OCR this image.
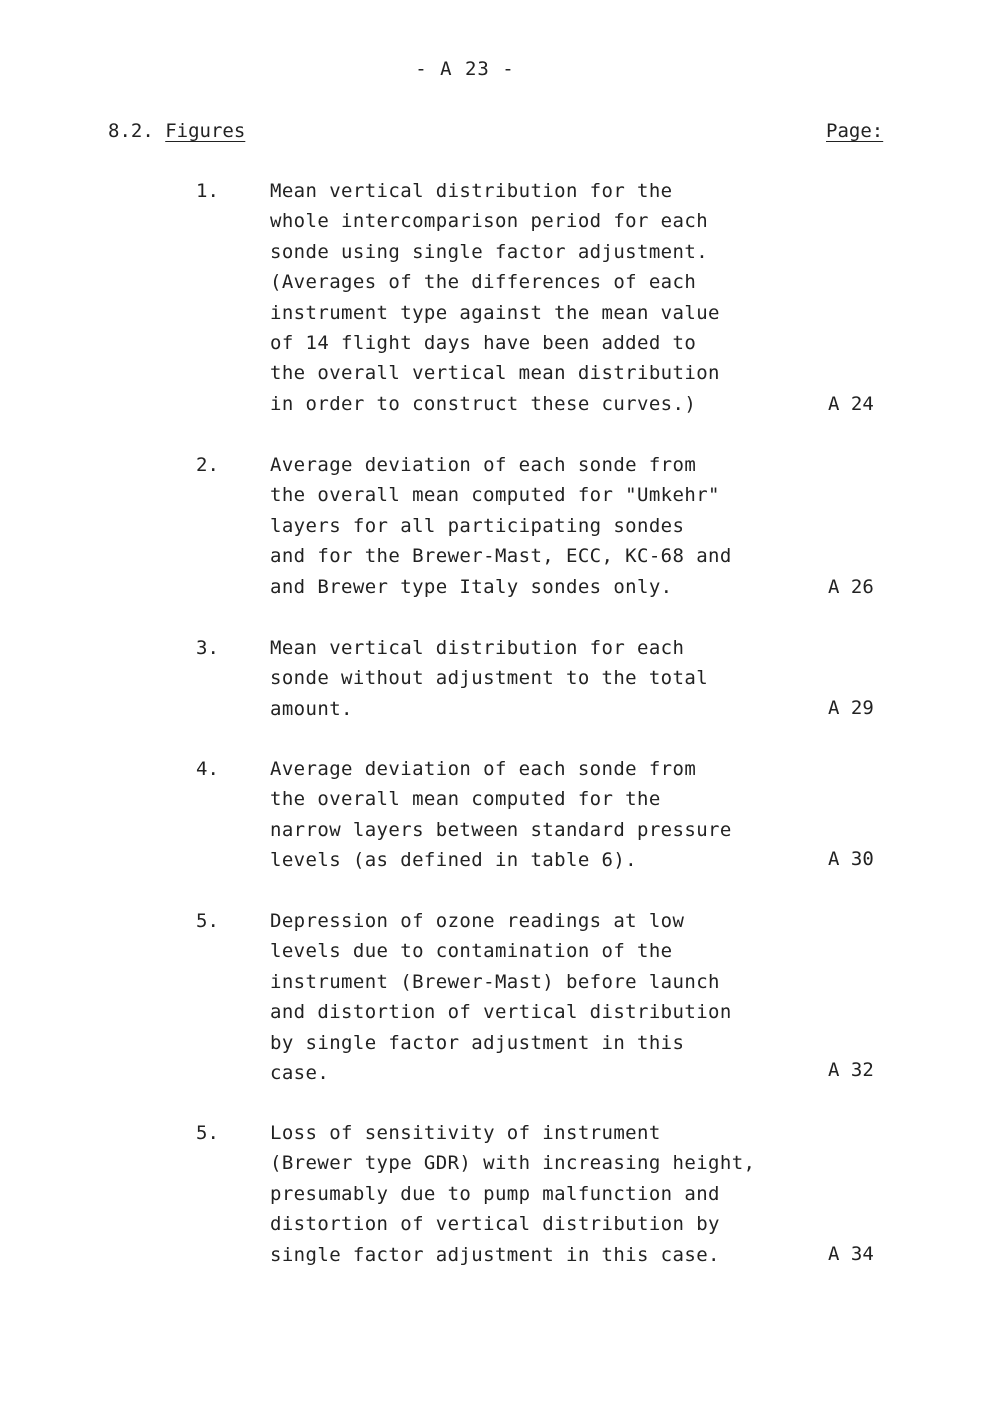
- A 23 -
8.2. Figures	Page:
1.	Mean vertical distribution for the
whole intercomparison period for each
sonde using single factor adjustment.
(Averages of the differences of each
instrument type against the mean value
of 14 flight days have been added to
the overall vertical mean distribution
in order to construct these curves.)	A 24
2.	Average deviation of each sonde from
the overall mean computed for "Umkehr"
layers for all participating sondes
and for the Brewer-Mast, ECC, KC-68 and
and Brewer type Italy sondes only.	A 26
3.	Mean vertical distribution for each
sonde without adjustment to the total
amount.	A 29
4.	Average deviation of each sonde from
the overall mean computed for the
narrow layers between standard pressure
levels (as defined in table 6).	A 30
5.	Depression of ozone readings at low
levels due to contamination of the
instrument (Brewer-Mast) before launch
and distortion of vertical distribution
by single factor adjustment in this
case.	A 32
5.	Loss of sensitivity of instrument
(Brewer type GDR) with increasing height,
presumably due to pump malfunction and
distortion of vertical distribution by
single factor adjustment in this case.	A 34
